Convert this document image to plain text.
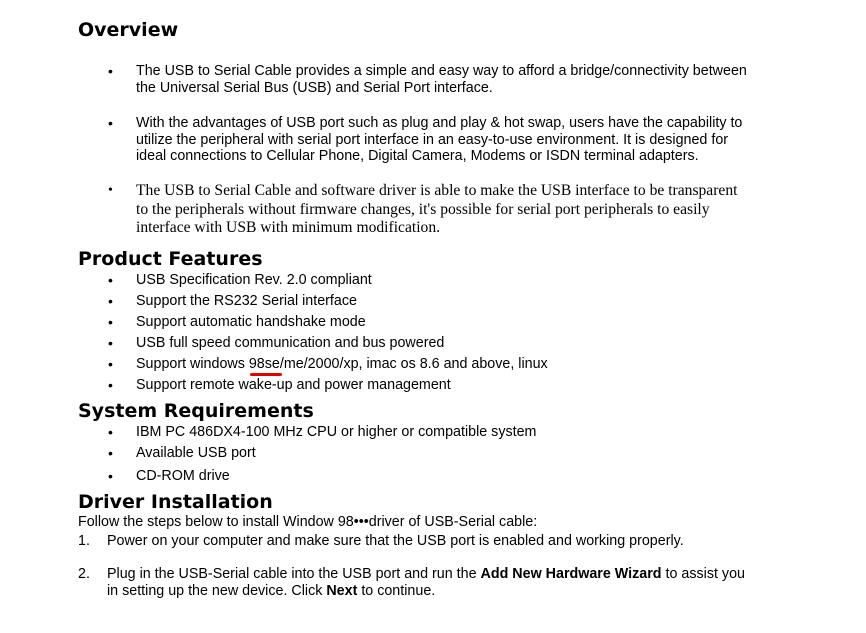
Overview
• The USB to Serial Cable provides a simple and easy way to afford a bridge/connectivity between
the Universal Serial Bus (USB) and Serial Port interface.
• With the advantages of USB port such as plug and play & hot swap, users have the capability to
utilize the peripheral with serial port interface in an easy-to-use environment. It is designed for
ideal connections to Cellular Phone, Digital Camera, Modems or ISDN terminal adapters.
• The USB to Serial Cable and software driver is able to make the USB interface to be transparent
to the peripherals without firmware changes, it's possible for serial port peripherals to easily
interface with USB with minimum modification.
Product Features
• USB Specification Rev. 2.0 compliant
• Support the RS232 Serial interface
• Support automatic handshake mode
• USB full speed communication and bus powered
• Support windows 98se/me/2000/xp, imac os 8.6 and above, linux
• Support remote wake-up and power management
System Requirements
• IBM PC 486DX4-100 MHz CPU or higher or compatible system
• Available USB port
• CD-ROM drive
Driver Installation
Follow the steps below to install Window 98•••driver of USB-Serial cable:
1. Power on your computer and make sure that the USB port is enabled and working properly.
2. Plug in the USB-Serial cable into the USB port and run the Add New Hardware Wizard to assist you
in setting up the new device. Click Next to continue.
